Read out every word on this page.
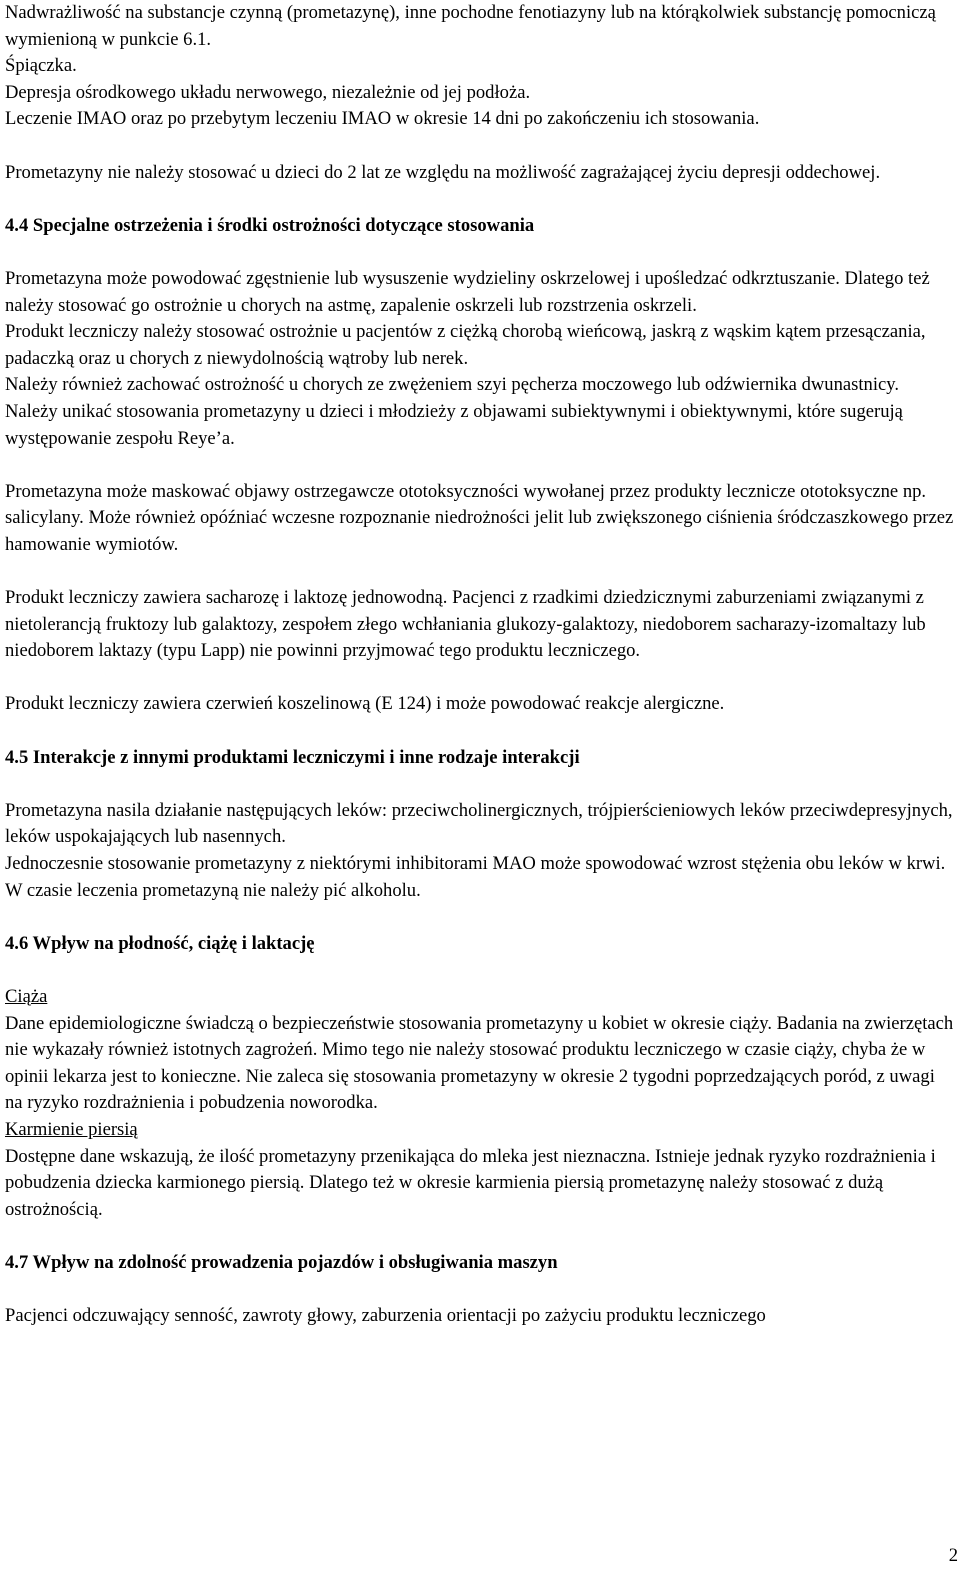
Nadwrażliwość na substancje czynną (prometazynę), inne pochodne fenotiazyny lub na którąkolwiek substancję pomocniczą wymienioną w punkcie 6.1.

Śpiączka.

Depresja ośrodkowego układu nerwowego, niezależnie od jej podłoża.

Leczenie IMAO oraz po przebytym leczeniu IMAO w okresie 14 dni po zakończeniu ich stosowania.

Prometazyny nie należy stosować u dzieci do 2 lat ze względu na możliwość zagrażającej życiu depresji oddechowej.

4.4 Specjalne ostrzeżenia i środki ostrożności dotyczące stosowania

Prometazyna może powodować zgęstnienie lub wysuszenie wydzieliny oskrzelowej i upośledzać odkrztuszanie. Dlatego też należy stosować go ostrożnie u chorych na astmę, zapalenie oskrzeli lub rozstrzenia oskrzeli.

Produkt leczniczy należy stosować ostrożnie u pacjentów z ciężką chorobą wieńcową, jaskrą z wąskim kątem przesączania, padaczką oraz u chorych z niewydolnością wątroby lub nerek.

Należy również zachować ostrożność u chorych ze zwężeniem szyi pęcherza moczowego lub odźwiernika dwunastnicy.

Należy unikać stosowania prometazyny u dzieci i młodzieży z objawami subiektywnymi i obiektywnymi, które sugerują występowanie zespołu Reye’a.

Prometazyna może maskować objawy ostrzegawcze ototoksyczności wywołanej przez produkty lecznicze ototoksyczne np. salicylany. Może również opóźniać wczesne rozpoznanie niedrożności jelit lub zwiększonego ciśnienia śródczaszkowego przez hamowanie wymiotów.

Produkt leczniczy zawiera sacharozę i laktozę jednowodną. Pacjenci z rzadkimi dziedzicznymi zaburzeniami związanymi z nietolerancją fruktozy lub galaktozy, zespołem złego wchłaniania glukozy-galaktozy, niedoborem sacharazy-izomaltazy lub niedoborem laktazy (typu Lapp) nie powinni przyjmować tego produktu leczniczego.

Produkt leczniczy zawiera czerwień koszelinową (E 124) i może powodować reakcje alergiczne.

4.5 Interakcje z innymi produktami leczniczymi i inne rodzaje interakcji

Prometazyna nasila działanie następujących leków: przeciwcholinergicznych, trójpierścieniowych leków przeciwdepresyjnych, leków uspokajających lub nasennych.

Jednoczesnie stosowanie prometazyny z niektórymi inhibitorami MAO może spowodować wzrost stężenia obu leków w krwi.

W czasie leczenia prometazyną nie należy pić alkoholu.

4.6 Wpływ na płodność, ciążę i laktację

Ciąża

Dane epidemiologiczne świadczą o bezpieczeństwie stosowania prometazyny u kobiet w okresie ciąży. Badania na zwierzętach nie wykazały również istotnych zagrożeń. Mimo tego nie należy stosować produktu leczniczego w czasie ciąży, chyba że w opinii lekarza jest to konieczne. Nie zaleca się stosowania prometazyny w okresie 2 tygodni poprzedzających poród, z uwagi na ryzyko rozdrażnienia i pobudzenia noworodka.

Karmienie piersią

Dostępne dane wskazują, że ilość prometazyny przenikająca do mleka jest nieznaczna. Istnieje jednak ryzyko rozdrażnienia i pobudzenia dziecka karmionego piersią. Dlatego też w okresie karmienia piersią prometazynę należy stosować z dużą ostrożnością.

4.7 Wpływ na zdolność prowadzenia pojazdów i obsługiwania maszyn

Pacjenci odczuwający senność, zawroty głowy, zaburzenia orientacji po zażyciu produktu leczniczego

2
